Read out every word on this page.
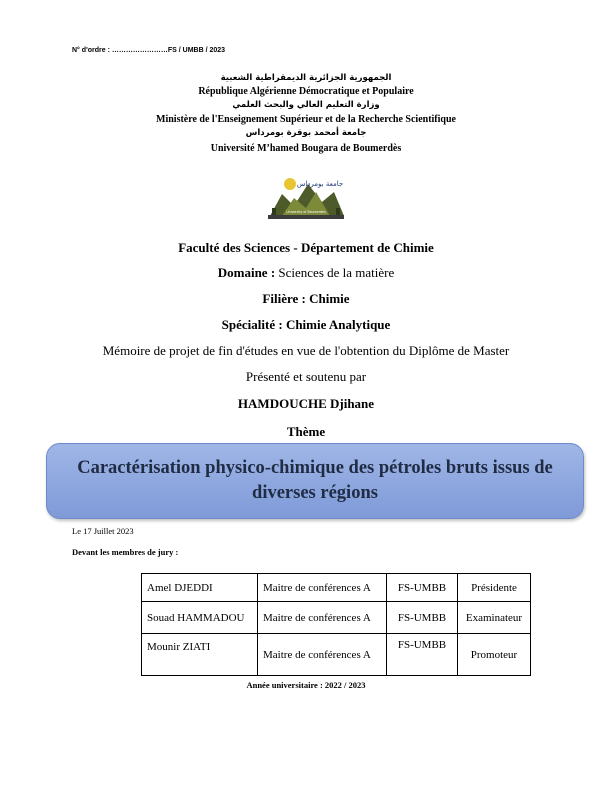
N° d'ordre : ……………………FS / UMBB / 2023
الجمهورية الجزائرية الديمقراطية الشعبية
République Algérienne Démocratique et Populaire
وزارة التعليم العالي والبحث العلمي
Ministère de l'Enseignement Supérieur et de la Recherche Scientifique
جامعة أمحمد بوقرة بومرداس
Université M’hamed Bougara de Boumerdès
جامعة بومرداس
University of Boumerdes
Faculté des Sciences - Département de Chimie
Domaine : Sciences de la matière
Filière : Chimie
Spécialité : Chimie Analytique
Mémoire de projet de fin d'études en vue de l'obtention du Diplôme de Master
Présenté et soutenu par
HAMDOUCHE Djihane
Thème
Caractérisation physico-chimique des pétroles bruts issus de
diverses régions
Le 17 Juillet 2023
Devant les membres de jury :
Amel DJEDDI	Maitre de conférences A	FS-UMBB	Présidente
Souad HAMMADOU	Maitre de conférences A	FS-UMBB	Examinateur
Mounir ZIATI	Maitre de conférences A	FS-UMBB	Promoteur
Année universitaire : 2022 / 2023
